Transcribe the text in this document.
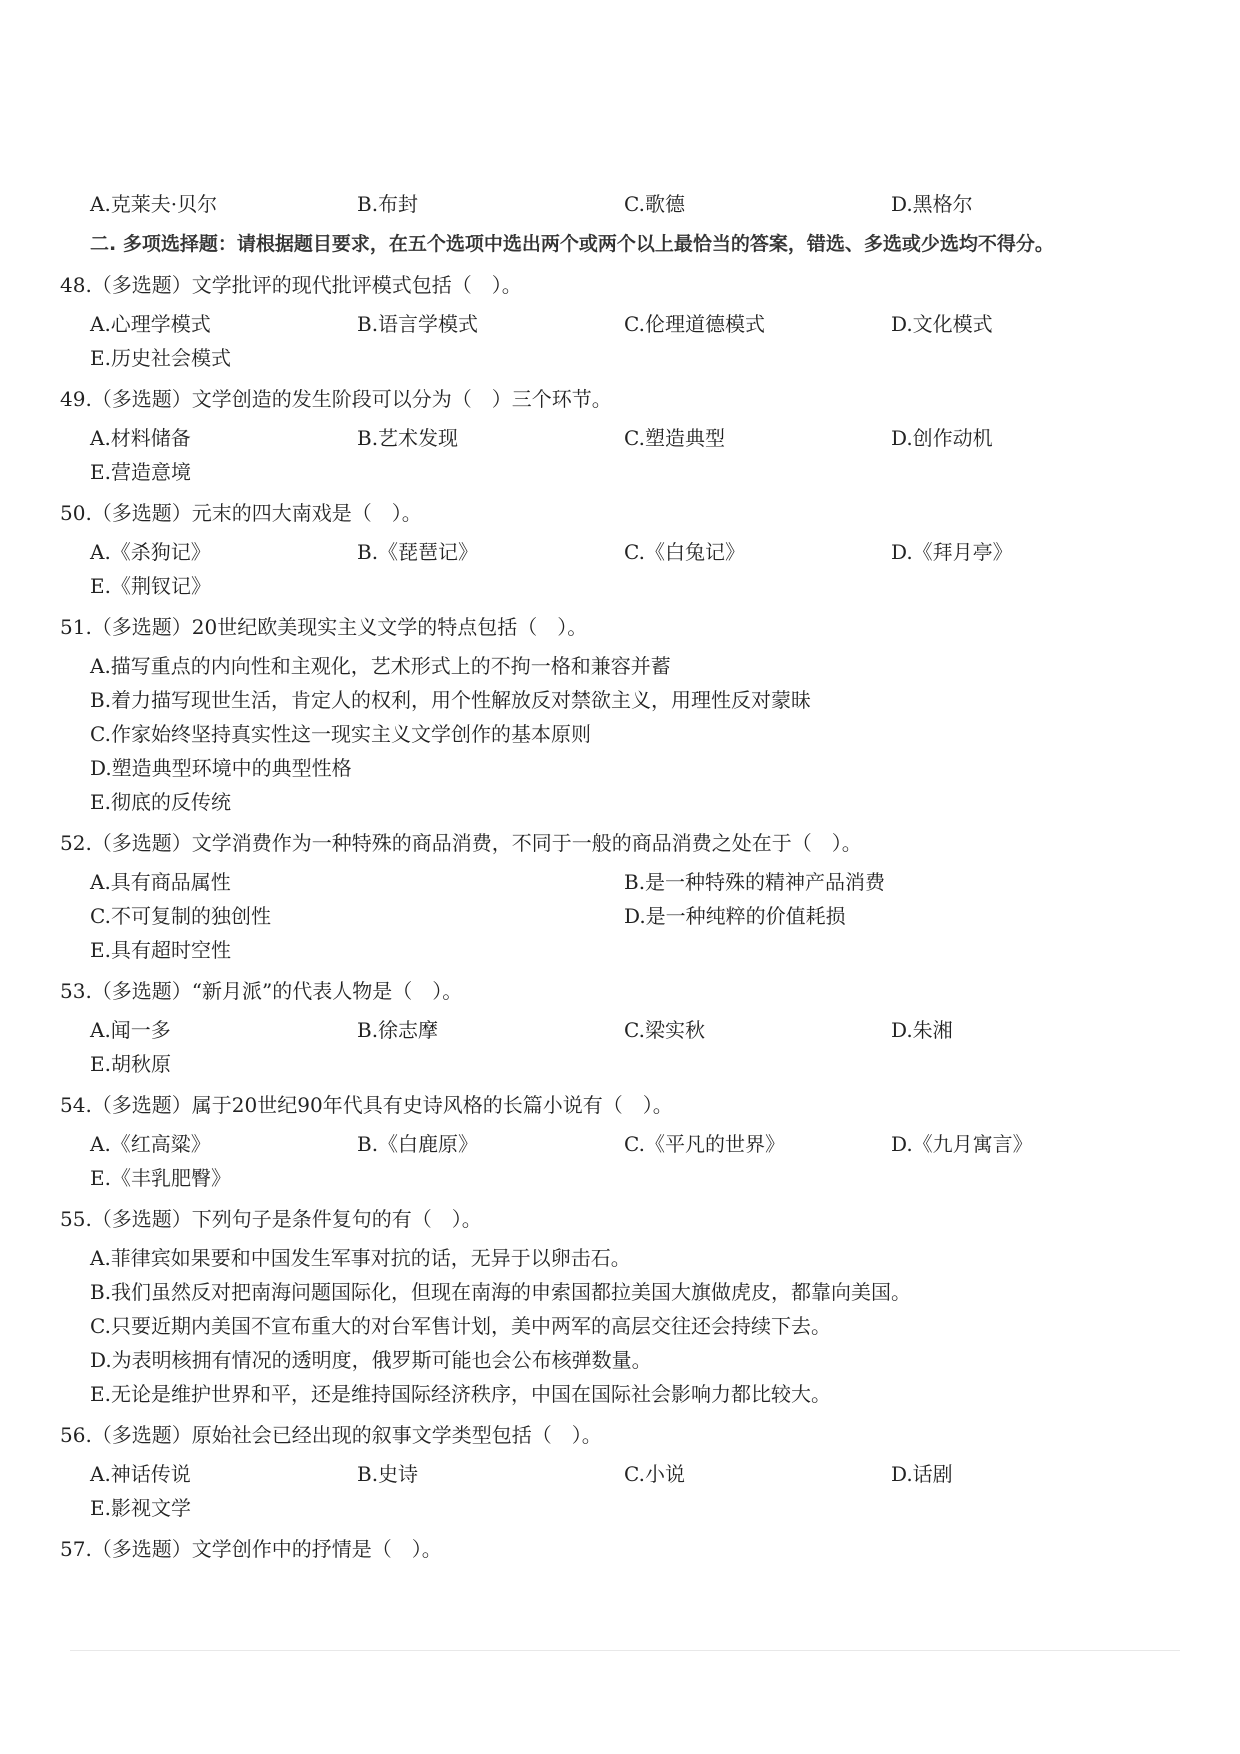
A.克莱夫·贝尔	B.布封	C.歌德	D.黑格尔
二. 多项选择题：请根据题目要求，在五个选项中选出两个或两个以上最恰当的答案，错选、多选或少选均不得分。
48.（多选题）文学批评的现代批评模式包括（　）。
A.心理学模式	B.语言学模式	C.伦理道德模式	D.文化模式
E.历史社会模式
49.（多选题）文学创造的发生阶段可以分为（　）三个环节。
A.材料储备	B.艺术发现	C.塑造典型	D.创作动机
E.营造意境
50.（多选题）元末的四大南戏是（　）。
A.《杀狗记》	B.《琵琶记》	C.《白兔记》	D.《拜月亭》
E.《荆钗记》
51.（多选题）20世纪欧美现实主义文学的特点包括（　）。
A.描写重点的内向性和主观化，艺术形式上的不拘一格和兼容并蓄
B.着力描写现世生活，肯定人的权利，用个性解放反对禁欲主义，用理性反对蒙昧
C.作家始终坚持真实性这一现实主义文学创作的基本原则
D.塑造典型环境中的典型性格
E.彻底的反传统
52.（多选题）文学消费作为一种特殊的商品消费，不同于一般的商品消费之处在于（　）。
A.具有商品属性	B.是一种特殊的精神产品消费
C.不可复制的独创性	D.是一种纯粹的价值耗损
E.具有超时空性
53.（多选题）“新月派”的代表人物是（　）。
A.闻一多	B.徐志摩	C.梁实秋	D.朱湘
E.胡秋原
54.（多选题）属于20世纪90年代具有史诗风格的长篇小说有（　）。
A.《红高粱》	B.《白鹿原》	C.《平凡的世界》	D.《九月寓言》
E.《丰乳肥臀》
55.（多选题）下列句子是条件复句的有（　）。
A.菲律宾如果要和中国发生军事对抗的话，无异于以卵击石。
B.我们虽然反对把南海问题国际化，但现在南海的申索国都拉美国大旗做虎皮，都靠向美国。
C.只要近期内美国不宣布重大的对台军售计划，美中两军的高层交往还会持续下去。
D.为表明核拥有情况的透明度，俄罗斯可能也会公布核弹数量。
E.无论是维护世界和平，还是维持国际经济秩序，中国在国际社会影响力都比较大。
56.（多选题）原始社会已经出现的叙事文学类型包括（　）。
A.神话传说	B.史诗	C.小说	D.话剧
E.影视文学
57.（多选题）文学创作中的抒情是（　）。
